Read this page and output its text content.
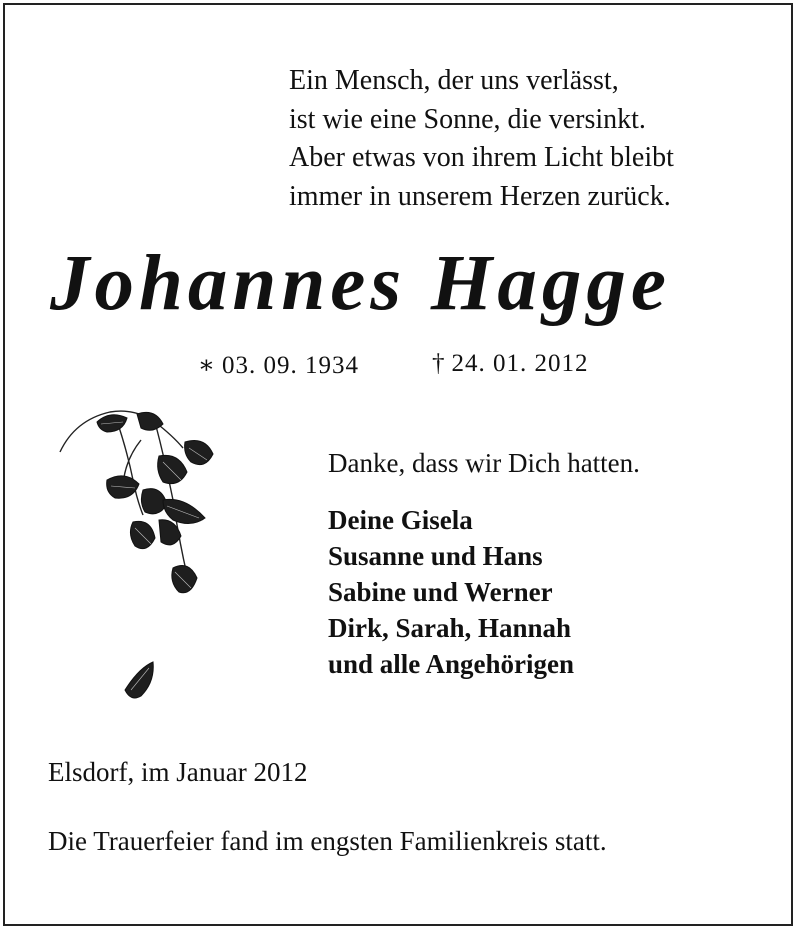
Ein Mensch, der uns verlässt,

ist wie eine Sonne, die versinkt.

Aber etwas von ihrem Licht bleibt

immer in unserem Herzen zurück.

Johannes Hagge
∗ 03. 09. 1934	† 24. 01. 2012

Danke, dass wir Dich hatten.

Deine Gisela

Susanne und Hans

Sabine und Werner

Dirk, Sarah, Hannah

und alle Angehörigen

Elsdorf, im Januar 2012

Die Trauerfeier fand im engsten Familienkreis statt.
